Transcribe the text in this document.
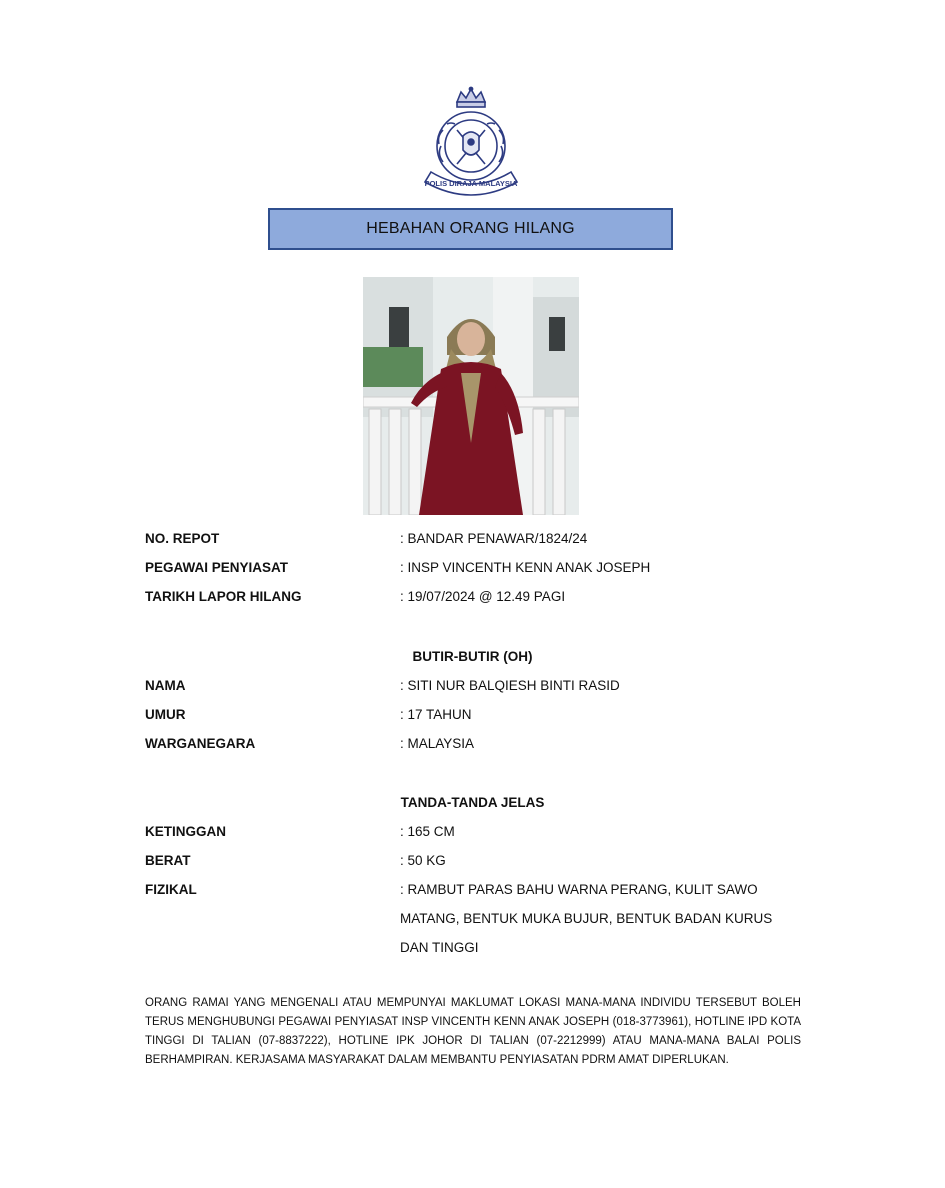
POLIS DIRAJA MALAYSIA
HEBAHAN ORANG HILANG
NO. REPOT	: BANDAR PENAWAR/1824/24
PEGAWAI PENYIASAT	: INSP VINCENTH KENN ANAK JOSEPH
TARIKH LAPOR HILANG	: 19/07/2024 @ 12.49 PAGI
BUTIR-BUTIR (OH)
NAMA	: SITI NUR BALQIESH BINTI RASID
UMUR	: 17 TAHUN
WARGANEGARA	: MALAYSIA
TANDA-TANDA JELAS
KETINGGAN	: 165 CM
BERAT	: 50 KG
FIZIKAL	: RAMBUT PARAS BAHU WARNA PERANG, KULIT SAWO
MATANG, BENTUK MUKA BUJUR, BENTUK BADAN KURUS
DAN TINGGI
ORANG RAMAI YANG MENGENALI ATAU MEMPUNYAI MAKLUMAT LOKASI MANA-MANA INDIVIDU TERSEBUT BOLEH TERUS MENGHUBUNGI PEGAWAI PENYIASAT INSP VINCENTH KENN ANAK JOSEPH (018-3773961), HOTLINE IPD KOTA TINGGI DI TALIAN (07-8837222), HOTLINE IPK JOHOR DI TALIAN (07-2212999) ATAU MANA-MANA BALAI POLIS BERHAMPIRAN. KERJASAMA MASYARAKAT DALAM MEMBANTU PENYIASATAN PDRM AMAT DIPERLUKAN.
